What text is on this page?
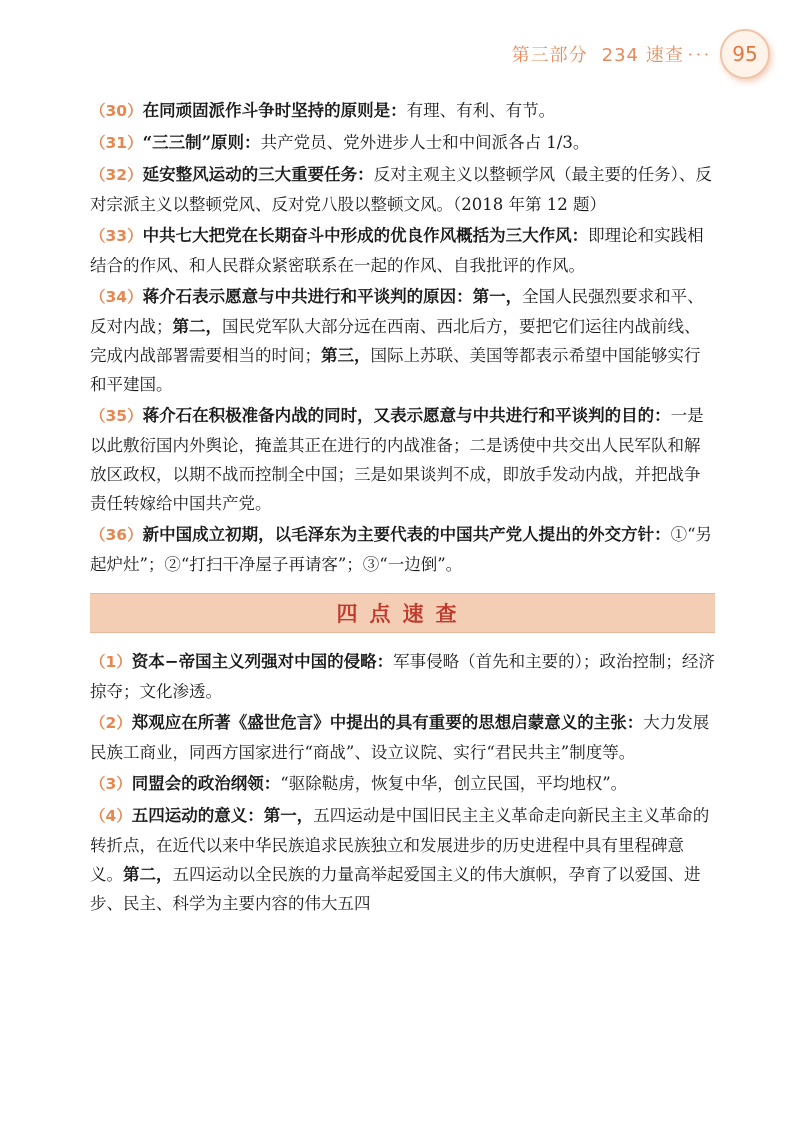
第三部分 234 速查 ···	95

（30）在同顽固派作斗争时坚持的原则是：有理、有利、有节。

（31）“三三制”原则：共产党员、党外进步人士和中间派各占 1/3。

（32）延安整风运动的三大重要任务：反对主观主义以整顿学风（最主要的任务）、反对宗派主义以整顿党风、反对党八股以整顿文风。（2018 年第 12 题）

（33）中共七大把党在长期奋斗中形成的优良作风概括为三大作风：即理论和实践相结合的作风、和人民群众紧密联系在一起的作风、自我批评的作风。

（34）蒋介石表示愿意与中共进行和平谈判的原因：第一，全国人民强烈要求和平、反对内战；第二，国民党军队大部分远在西南、西北后方，要把它们运往内战前线、完成内战部署需要相当的时间；第三，国际上苏联、美国等都表示希望中国能够实行和平建国。

（35）蒋介石在积极准备内战的同时，又表示愿意与中共进行和平谈判的目的：一是以此敷衍国内外舆论，掩盖其正在进行的内战准备；二是诱使中共交出人民军队和解放区政权，以期不战而控制全中国；三是如果谈判不成，即放手发动内战，并把战争责任转嫁给中国共产党。

（36）新中国成立初期，以毛泽东为主要代表的中国共产党人提出的外交方针：①“另起炉灶”；②“打扫干净屋子再请客”；③“一边倒”。

四点速查

（1）资本−帝国主义列强对中国的侵略：军事侵略（首先和主要的）；政治控制；经济掠夺；文化渗透。

（2）郑观应在所著《盛世危言》中提出的具有重要的思想启蒙意义的主张：大力发展民族工商业，同西方国家进行“商战”、设立议院、实行“君民共主”制度等。

（3）同盟会的政治纲领：“驱除鞑虏，恢复中华，创立民国，平均地权”。

（4）五四运动的意义：第一，五四运动是中国旧民主主义革命走向新民主主义革命的转折点，在近代以来中华民族追求民族独立和发展进步的历史进程中具有里程碑意义。第二，五四运动以全民族的力量高举起爱国主义的伟大旗帜，孕育了以爱国、进步、民主、科学为主要内容的伟大五四
